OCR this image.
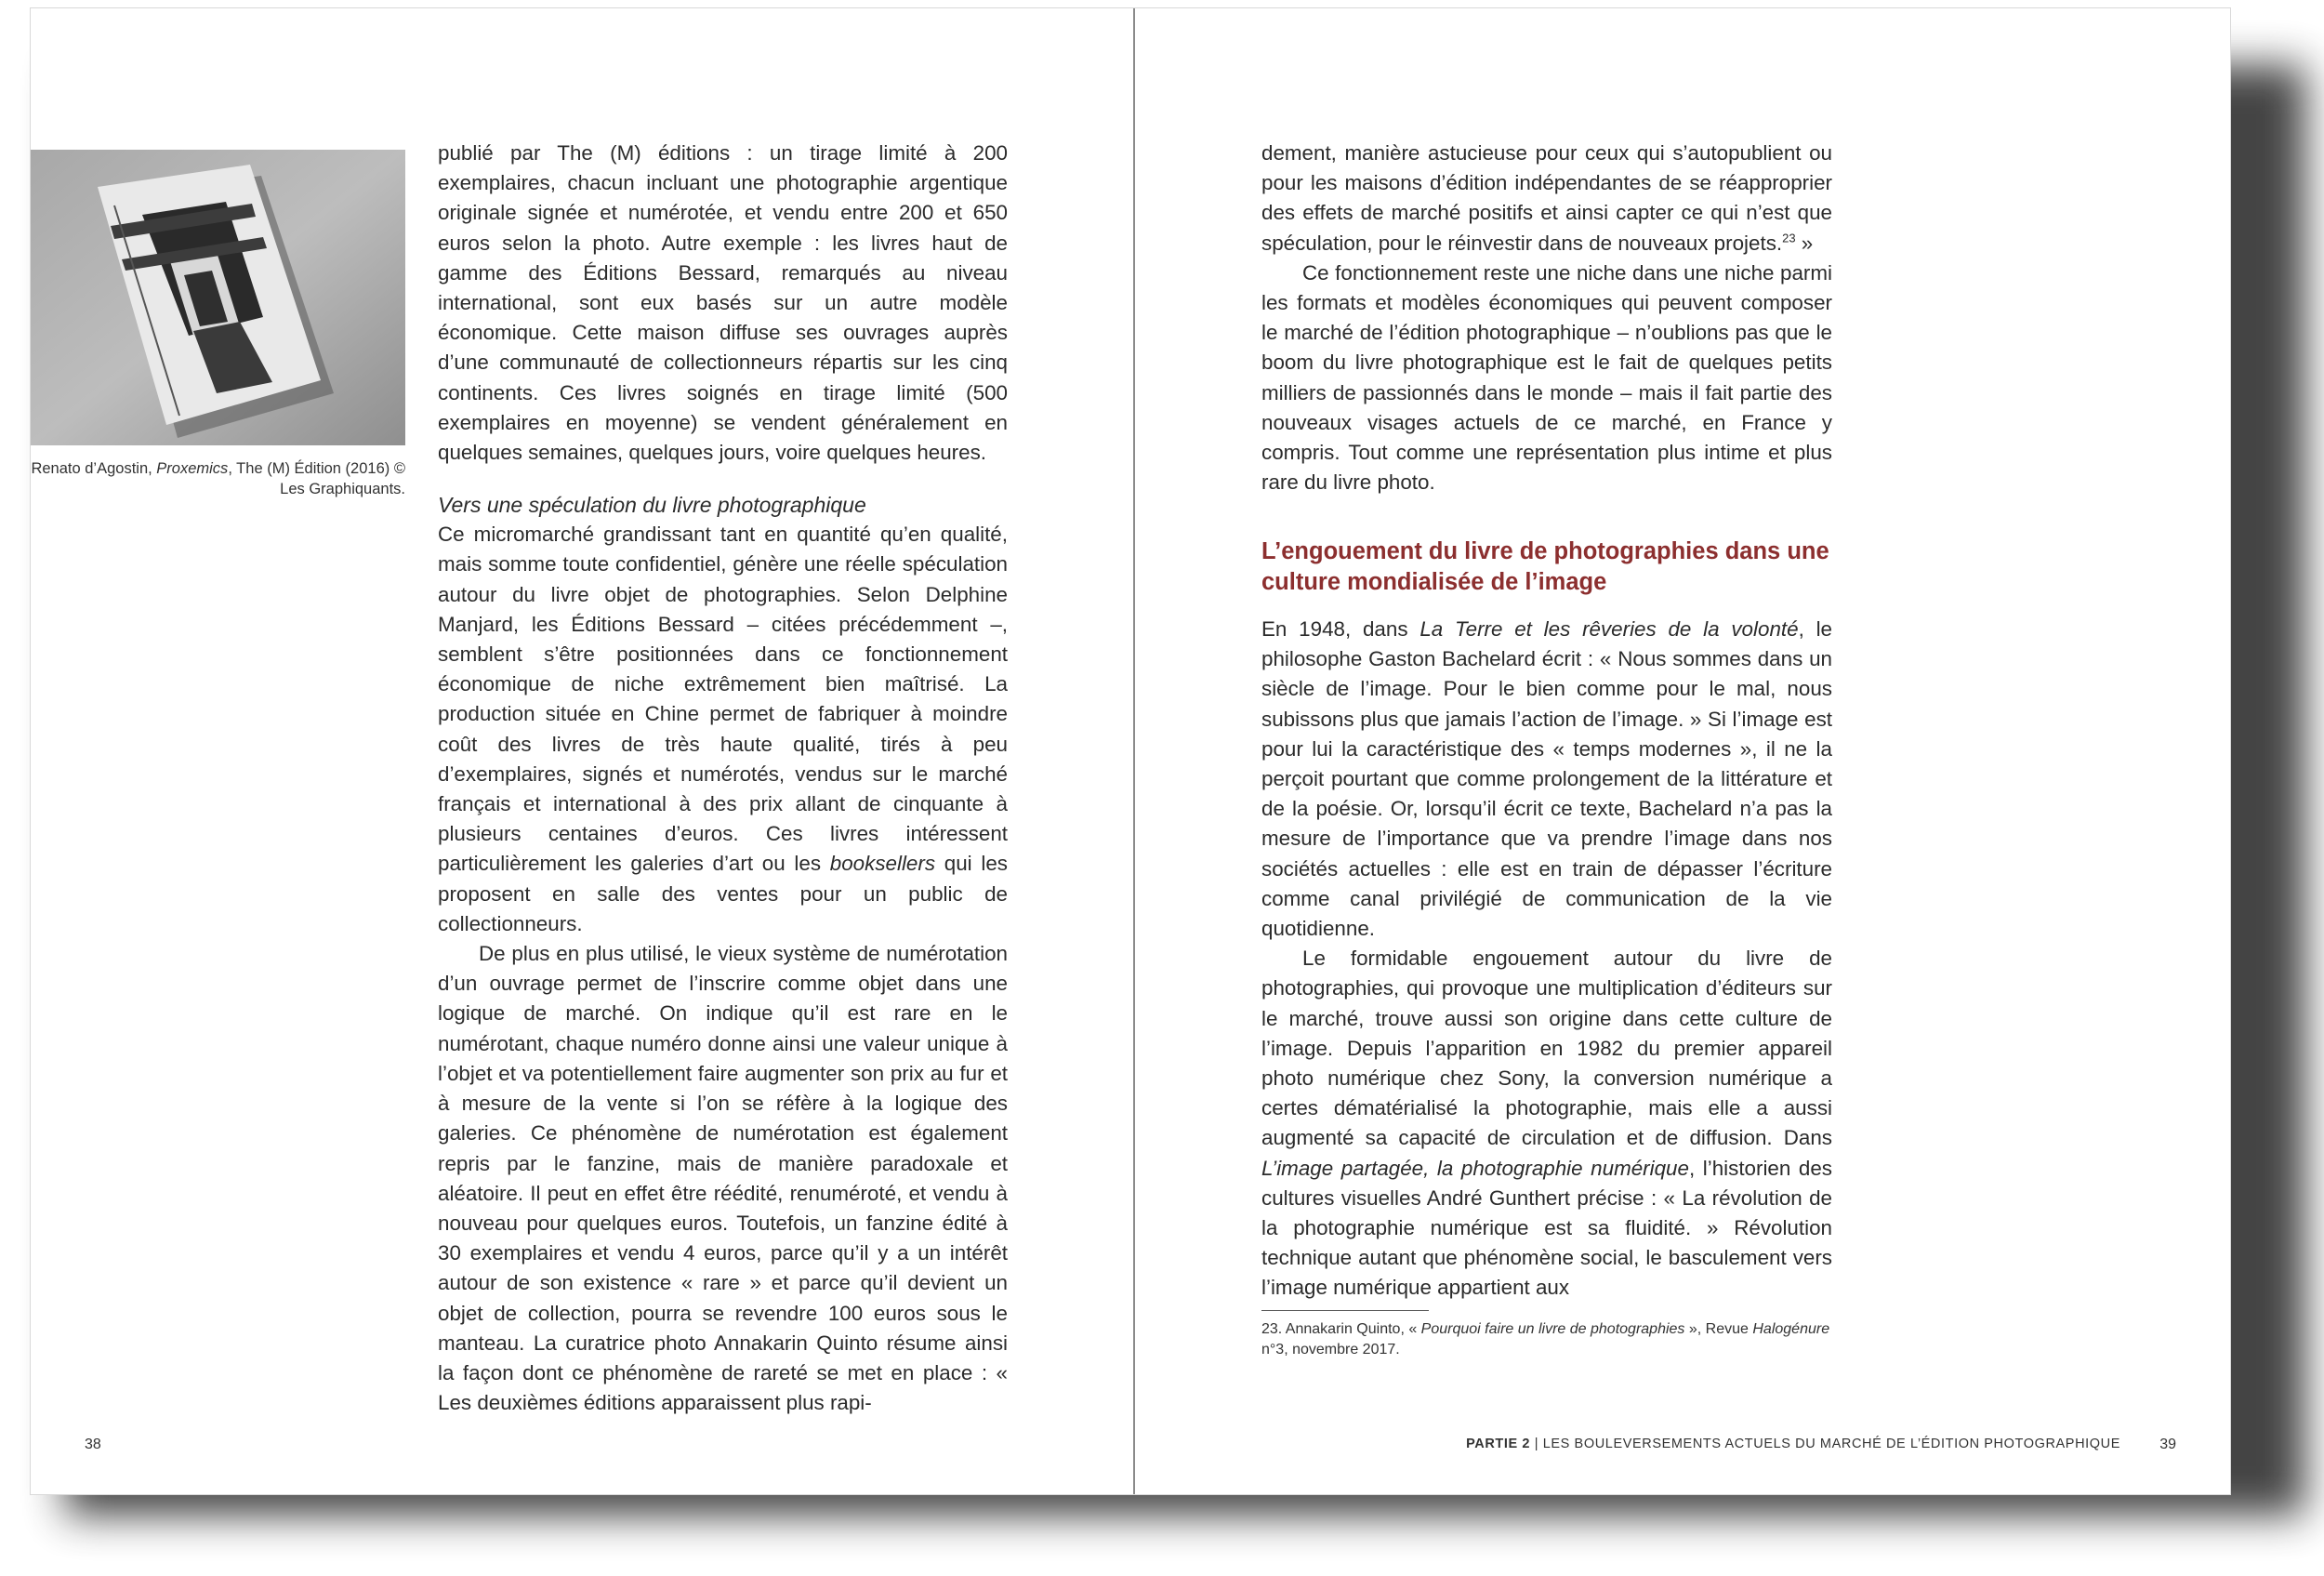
Renato d’Agostin, Proxemics, The (M) Édition (2016) © Les Graphiquants.

publié par The (M) éditions : un tirage limité à 200 exemplaires, chacun incluant une photographie argentique originale signée et numérotée, et vendu entre 200 et 650 euros selon la photo. Autre exemple : les livres haut de gamme des Éditions Bessard, remarqués au niveau international, sont eux basés sur un autre modèle économique. Cette maison diffuse ses ouvrages auprès d’une communauté de collectionneurs répartis sur les cinq continents. Ces livres soignés en tirage limité (500 exemplaires en moyenne) se vendent généralement en quelques semaines, quelques jours, voire quelques heures.

Vers une spéculation du livre photographique

Ce micromarché grandissant tant en quantité qu’en qualité, mais somme toute confidentiel, génère une réelle spéculation autour du livre objet de photographies. Selon Delphine Manjard, les Éditions Bessard – citées précédemment –, semblent s’être positionnées dans ce fonctionnement économique de niche extrêmement bien maîtrisé. La production située en Chine permet de fabriquer à moindre coût des livres de très haute qualité, tirés à peu d’exemplaires, signés et numérotés, vendus sur le marché français et international à des prix allant de cinquante à plusieurs centaines d’euros. Ces livres intéressent particulièrement les galeries d’art ou les booksellers qui les proposent en salle des ventes pour un public de collectionneurs.

De plus en plus utilisé, le vieux système de numérotation d’un ouvrage permet de l’inscrire comme objet dans une logique de marché. On indique qu’il est rare en le numérotant, chaque numéro donne ainsi une valeur unique à l’objet et va potentiellement faire augmenter son prix au fur et à mesure de la vente si l’on se réfère à la logique des galeries. Ce phénomène de numérotation est également repris par le fanzine, mais de manière paradoxale et aléatoire. Il peut en effet être réédité, renuméroté, et vendu à nouveau pour quelques euros. Toutefois, un fanzine édité à 30 exemplaires et vendu 4 euros, parce qu’il y a un intérêt autour de son existence « rare » et parce qu’il devient un objet de collection, pourra se revendre 100 euros sous le manteau. La curatrice photo Annakarin Quinto résume ainsi la façon dont ce phénomène de rareté se met en place : « Les deuxièmes éditions apparaissent plus rapi-

38

dement, manière astucieuse pour ceux qui s’autopublient ou pour les maisons d’édition indépendantes de se réapproprier des effets de marché positifs et ainsi capter ce qui n’est que spéculation, pour le réinvestir dans de nouveaux projets.$^{23}$ »

Ce fonctionnement reste une niche dans une niche parmi les formats et modèles économiques qui peuvent composer le marché de l’édition photographique – n’oublions pas que le boom du livre photographique est le fait de quelques petits milliers de passionnés dans le monde – mais il fait partie des nouveaux visages actuels de ce marché, en France y compris. Tout comme une représentation plus intime et plus rare du livre photo.

L’engouement du livre de photographies dans une culture mondialisée de l’image

En 1948, dans La Terre et les rêveries de la volonté, le philosophe Gaston Bachelard écrit : « Nous sommes dans un siècle de l’image. Pour le bien comme pour le mal, nous subissons plus que jamais l’action de l’image. » Si l’image est pour lui la caractéristique des « temps modernes », il ne la perçoit pourtant que comme prolongement de la littérature et de la poésie. Or, lorsqu’il écrit ce texte, Bachelard n’a pas la mesure de l’importance que va prendre l’image dans nos sociétés actuelles : elle est en train de dépasser l’écriture comme canal privilégié de communication de la vie quotidienne.

Le formidable engouement autour du livre de photographies, qui provoque une multiplication d’éditeurs sur le marché, trouve aussi son origine dans cette culture de l’image. Depuis l’apparition en 1982 du premier appareil photo numérique chez Sony, la conversion numérique a certes dématérialisé la photographie, mais elle a aussi augmenté sa capacité de circulation et de diffusion. Dans L’image partagée, la photographie numérique, l’historien des cultures visuelles André Gunthert précise : « La révolution de la photographie numérique est sa fluidité. » Révolution technique autant que phénomène social, le basculement vers l’image numérique appartient aux

23. Annakarin Quinto, « Pourquoi faire un livre de photographies », Revue Halogénure n°3, novembre 2017.
PARTIE 2 | LES BOULEVERSEMENTS ACTUELS DU MARCHÉ DE L’ÉDITION PHOTOGRAPHIQUE	39
